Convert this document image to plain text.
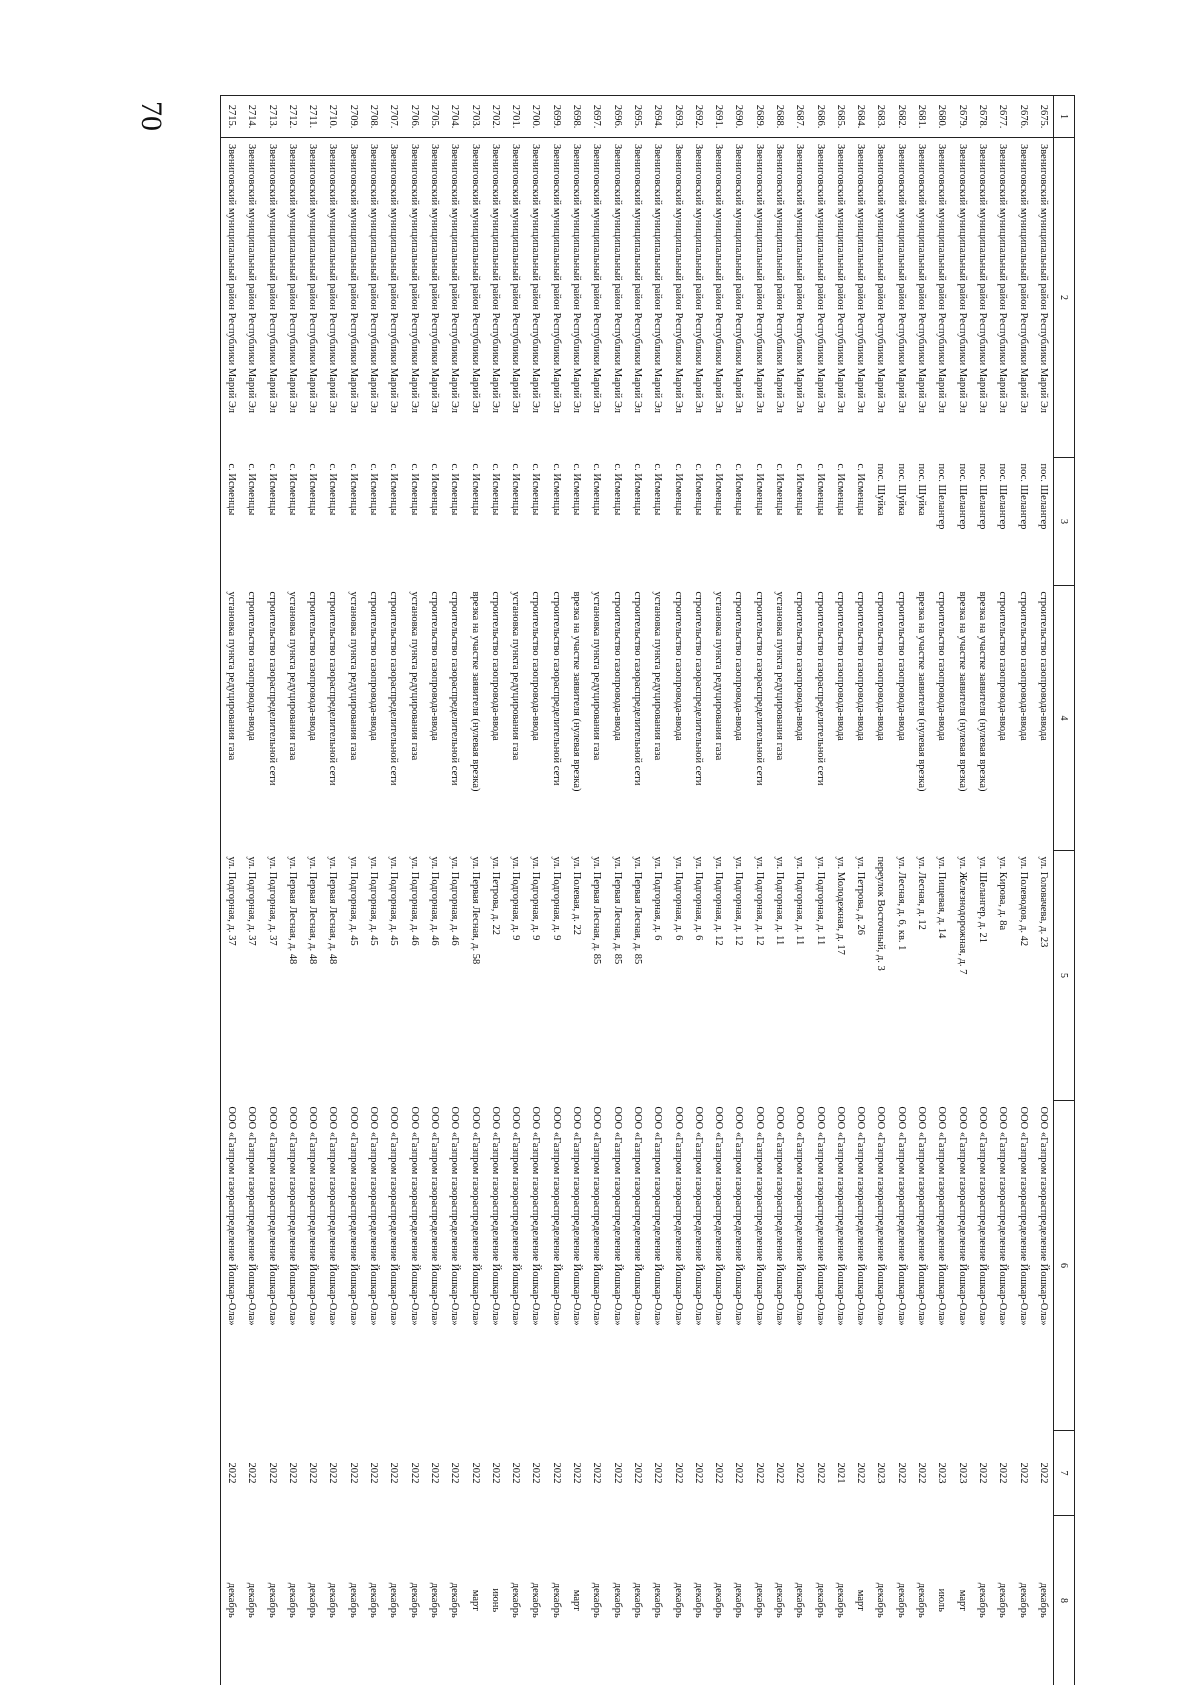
70	1	2	3	4	5	6	7	8
2675.	Звениговский муниципальный район Республики Марий Эл	пос. Шелангер	строительство газопровода-ввода	ул. Головачева, д. 23	ООО «Газпром газораспределение Йошкар-Ола»	2022	декабрь
2676.	Звениговский муниципальный район Республики Марий Эл	пос. Шелангер	строительство газопровода-ввода	ул. Полеводов, д. 42	ООО «Газпром газораспределение Йошкар-Ола»	2022	декабрь
2677.	Звениговский муниципальный район Республики Марий Эл	пос. Шелангер	строительство газопровода-ввода	ул. Кирова, д. 8а	ООО «Газпром газораспределение Йошкар-Ола»	2022	декабрь
2678.	Звениговский муниципальный район Республики Марий Эл	пос. Шелангер	врезка на участке заявителя (нулевая врезка)	ул. Шелангер, д. 21	ООО «Газпром газораспределение Йошкар-Ола»	2022	декабрь
2679.	Звениговский муниципальный район Республики Марий Эл	пос. Шелангер	врезка на участке заявителя (нулевая врезка)	ул. Железнодорожная, д. 7	ООО «Газпром газораспределение Йошкар-Ола»	2023	март
2680.	Звениговский муниципальный район Республики Марий Эл	пос. Шелангер	строительство газопровода-ввода	ул. Пищевая, д. 14	ООО «Газпром газораспределение Йошкар-Ола»	2023	июль
2681.	Звениговский муниципальный район Республики Марий Эл	пос. Шуйка	врезка на участке заявителя (нулевая врезка)	ул. Лесная, д. 12	ООО «Газпром газораспределение Йошкар-Ола»	2022	декабрь
2682.	Звениговский муниципальный район Республики Марий Эл	пос. Шуйка	строительство газопровода-ввода	ул. Лесная, д. 6, кв. 1	ООО «Газпром газораспределение Йошкар-Ола»	2022	декабрь
2683.	Звениговский муниципальный район Республики Марий Эл	пос. Шуйка	строительство газопровода-ввода	переулок Восточный, д. 3	ООО «Газпром газораспределение Йошкар-Ола»	2023	декабрь
2684.	Звениговский муниципальный район Республики Марий Эл	с. Исменцы	строительство газопровода-ввода	ул. Петрова, д. 26	ООО «Газпром газораспределение Йошкар-Ола»	2022	март
2685.	Звениговский муниципальный район Республики Марий Эл	с. Исменцы	строительство газопровода-ввода	ул. Молодежная, д. 17	ООО «Газпром газораспределение Йошкар-Ола»	2021	декабрь
2686.	Звениговский муниципальный район Республики Марий Эл	с. Исменцы	строительство газораспределительной сети	ул. Подгорная, д. 11	ООО «Газпром газораспределение Йошкар-Ола»	2022	декабрь
2687.	Звениговский муниципальный район Республики Марий Эл	с. Исменцы	строительство газопровода-ввода	ул. Подгорная, д. 11	ООО «Газпром газораспределение Йошкар-Ола»	2022	декабрь
2688.	Звениговский муниципальный район Республики Марий Эл	с. Исменцы	установка пункта редуцирования газа	ул. Подгорная, д. 11	ООО «Газпром газораспределение Йошкар-Ола»	2022	декабрь
2689.	Звениговский муниципальный район Республики Марий Эл	с. Исменцы	строительство газораспределительной сети	ул. Подгорная, д. 12	ООО «Газпром газораспределение Йошкар-Ола»	2022	декабрь
2690.	Звениговский муниципальный район Республики Марий Эл	с. Исменцы	строительство газопровода-ввода	ул. Подгорная, д. 12	ООО «Газпром газораспределение Йошкар-Ола»	2022	декабрь
2691.	Звениговский муниципальный район Республики Марий Эл	с. Исменцы	установка пункта редуцирования газа	ул. Подгорная, д. 12	ООО «Газпром газораспределение Йошкар-Ола»	2022	декабрь
2692.	Звениговский муниципальный район Республики Марий Эл	с. Исменцы	строительство газораспределительной сети	ул. Подгорная, д. 6	ООО «Газпром газораспределение Йошкар-Ола»	2022	декабрь
2693.	Звениговский муниципальный район Республики Марий Эл	с. Исменцы	строительство газопровода-ввода	ул. Подгорная, д. 6	ООО «Газпром газораспределение Йошкар-Ола»	2022	декабрь
2694.	Звениговский муниципальный район Республики Марий Эл	с. Исменцы	установка пункта редуцирования газа	ул. Подгорная, д. 6	ООО «Газпром газораспределение Йошкар-Ола»	2022	декабрь
2695.	Звениговский муниципальный район Республики Марий Эл	с. Исменцы	строительство газораспределительной сети	ул. Первая Лесная, д. 85	ООО «Газпром газораспределение Йошкар-Ола»	2022	декабрь
2696.	Звениговский муниципальный район Республики Марий Эл	с. Исменцы	строительство газопровода-ввода	ул. Первая Лесная, д. 85	ООО «Газпром газораспределение Йошкар-Ола»	2022	декабрь
2697.	Звениговский муниципальный район Республики Марий Эл	с. Исменцы	установка пункта редуцирования газа	ул. Первая Лесная, д. 85	ООО «Газпром газораспределение Йошкар-Ола»	2022	декабрь
2698.	Звениговский муниципальный район Республики Марий Эл	с. Исменцы	врезка на участке заявителя (нулевая врезка)	ул. Полевая, д. 22	ООО «Газпром газораспределение Йошкар-Ола»	2022	март
2699.	Звениговский муниципальный район Республики Марий Эл	с. Исменцы	строительство газораспределительной сети	ул. Подгорная, д. 9	ООО «Газпром газораспределение Йошкар-Ола»	2022	декабрь
2700.	Звениговский муниципальный район Республики Марий Эл	с. Исменцы	строительство газопровода-ввода	ул. Подгорная, д. 9	ООО «Газпром газораспределение Йошкар-Ола»	2022	декабрь
2701.	Звениговский муниципальный район Республики Марий Эл	с. Исменцы	установка пункта редуцирования газа	ул. Подгорная, д. 9	ООО «Газпром газораспределение Йошкар-Ола»	2022	декабрь
2702.	Звениговский муниципальный район Республики Марий Эл	с. Исменцы	строительство газопровода-ввода	ул. Петрова, д. 22	ООО «Газпром газораспределение Йошкар-Ола»	2022	июнь
2703.	Звениговский муниципальный район Республики Марий Эл	с. Исменцы	врезка на участке заявителя (нулевая врезка)	ул. Первая Лесная, д. 58	ООО «Газпром газораспределение Йошкар-Ола»	2022	март
2704.	Звениговский муниципальный район Республики Марий Эл	с. Исменцы	строительство газораспределительной сети	ул. Подгорная, д. 46	ООО «Газпром газораспределение Йошкар-Ола»	2022	декабрь
2705.	Звениговский муниципальный район Республики Марий Эл	с. Исменцы	строительство газопровода-ввода	ул. Подгорная, д. 46	ООО «Газпром газораспределение Йошкар-Ола»	2022	декабрь
2706.	Звениговский муниципальный район Республики Марий Эл	с. Исменцы	установка пункта редуцирования газа	ул. Подгорная, д. 46	ООО «Газпром газораспределение Йошкар-Ола»	2022	декабрь
2707.	Звениговский муниципальный район Республики Марий Эл	с. Исменцы	строительство газораспределительной сети	ул. Подгорная, д. 45	ООО «Газпром газораспределение Йошкар-Ола»	2022	декабрь
2708.	Звениговский муниципальный район Республики Марий Эл	с. Исменцы	строительство газопровода-ввода	ул. Подгорная, д. 45	ООО «Газпром газораспределение Йошкар-Ола»	2022	декабрь
2709.	Звениговский муниципальный район Республики Марий Эл	с. Исменцы	установка пункта редуцирования газа	ул. Подгорная, д. 45	ООО «Газпром газораспределение Йошкар-Ола»	2022	декабрь
2710.	Звениговский муниципальный район Республики Марий Эл	с. Исменцы	строительство газораспределительной сети	ул. Первая Лесная, д. 48	ООО «Газпром газораспределение Йошкар-Ола»	2022	декабрь
2711.	Звениговский муниципальный район Республики Марий Эл	с. Исменцы	строительство газопровода-ввода	ул. Первая Лесная, д. 48	ООО «Газпром газораспределение Йошкар-Ола»	2022	декабрь
2712.	Звениговский муниципальный район Республики Марий Эл	с. Исменцы	установка пункта редуцирования газа	ул. Первая Лесная, д. 48	ООО «Газпром газораспределение Йошкар-Ола»	2022	декабрь
2713.	Звениговский муниципальный район Республики Марий Эл	с. Исменцы	строительство газораспределительной сети	ул. Подгорная, д. 37	ООО «Газпром газораспределение Йошкар-Ола»	2022	декабрь
2714.	Звениговский муниципальный район Республики Марий Эл	с. Исменцы	строительство газопровода-ввода	ул. Подгорная, д. 37	ООО «Газпром газораспределение Йошкар-Ола»	2022	декабрь
2715.	Звениговский муниципальный район Республики Марий Эл	с. Исменцы	установка пункта редуцирования газа	ул. Подгорная, д. 37	ООО «Газпром газораспределение Йошкар-Ола»	2022	декабрь
